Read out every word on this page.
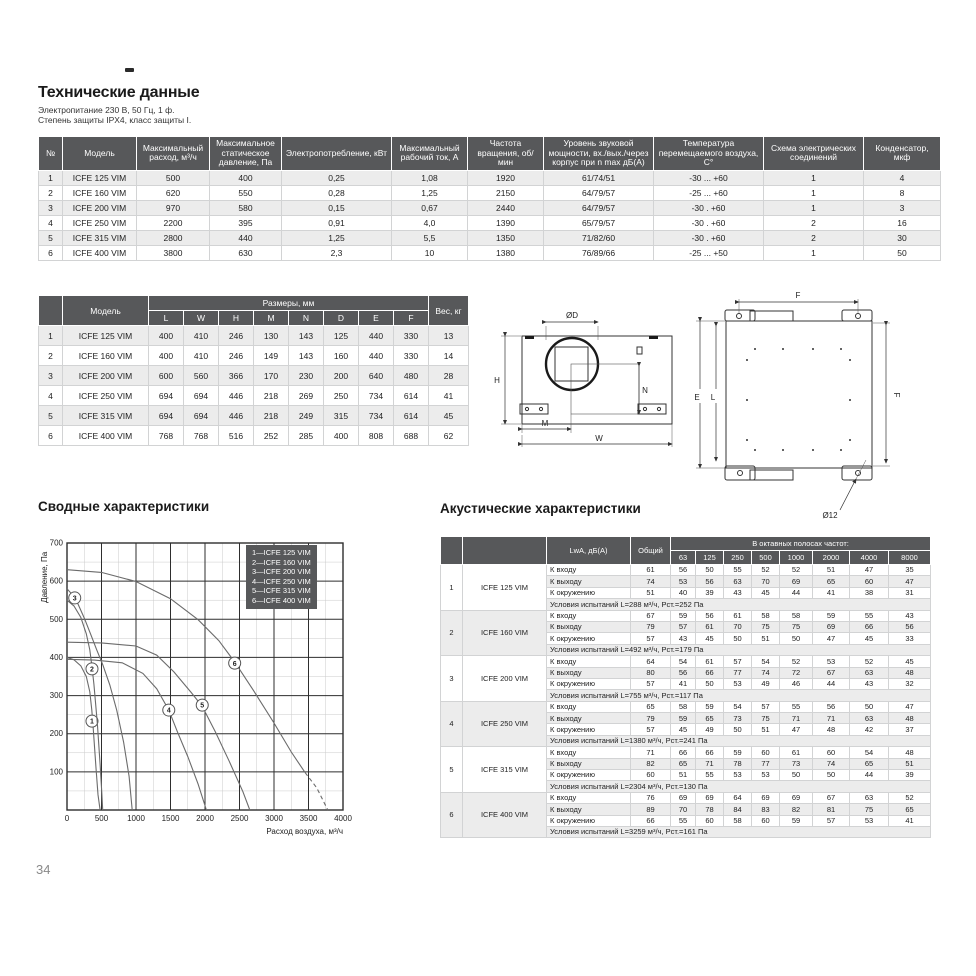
Технические данные
Электропитание 230 В, 50 Гц, 1 ф.
Степень защиты IPX4, класс защиты I.
№	Модель	Максимальный расход, м³/ч	Максимальное статическое давление, Па	Электропотребление, кВт	Максимальный рабочий ток, А	Частота вращения, об/мин	Уровень звуковой мощности, вх./вых./через корпус при n max дБ(А)	Температура перемещаемого воздуха, С°	Схема электрических соединений	Конденсатор, мкф
1	ICFE 125 VIM	500	400	0,25	1,08	1920	61/74/51	-30 ... +60	1	4
2	ICFE 160 VIM	620	550	0,28	1,25	2150	64/79/57	-25 ... +60	1	8
3	ICFE 200 VIM	970	580	0,15	0,67	2440	64/79/57	-30 . +60	1	3
4	ICFE 250 VIM	2200	395	0,91	4,0	1390	65/79/57	-30 . +60	2	16
5	ICFE 315 VIM	2800	440	1,25	5,5	1350	71/82/60	-30 . +60	2	30
6	ICFE 400 VIM	3800	630	2,3	10	1380	76/89/66	-25 ... +50	1	50
	Модель	Размеры, мм								Вес, кг
		L	W	H	M	N	D	E	F	
1	ICFE 125 VIM	400	410	246	130	143	125	440	330	13
2	ICFE 160 VIM	400	410	246	149	143	160	440	330	14
3	ICFE 200 VIM	600	560	366	170	230	200	640	480	28
4	ICFE 250 VIM	694	694	446	218	269	250	734	614	41
5	ICFE 315 VIM	694	694	446	218	249	315	734	614	45
6	ICFE 400 VIM	768	768	516	252	285	400	808	688	62
ØD
H
N
M
W
F
E L	F
Ø12
Сводные характеристики
0	500 1000 1500 2000 2500 3000 3500 4000
100
200
300
400
500
600
700
1
2
3
4
5
6
Давление, Па
Расход воздуха, м³/ч
1—ICFE 125 VIM
2—ICFE 160 VIM
3—ICFE 200 VIM
4—ICFE 250 VIM
5—ICFE 315 VIM
6—ICFE 400 VIM
Акустические характеристики
		LwA, дБ(А)	Общий	В октавных полосах частот:							
				63	125	250	500	1000	2000	4000	8000
1	ICFE 125 VIM	К входу	61	56	50	55	52	52	51	47	35
		К выходу	74	53	56	63	70	69	65	60	47
		К окружению	51	40	39	43	45	44	41	38	31
		Условия испытаний L=288 м³/ч, Рст.=252 Па									
2	ICFE 160 VIM	К входу	67	59	56	61	58	58	59	55	43
		К выходу	79	57	61	70	75	75	69	66	56
		К окружению	57	43	45	50	51	50	47	45	33
		Условия испытаний L=492 м³/ч, Рст.=179 Па									
3	ICFE 200 VIM	К входу	64	54	61	57	54	52	53	52	45
		К выходу	80	56	66	77	74	72	67	63	48
		К окружению	57	41	50	53	49	46	44	43	32
		Условия испытаний L=755 м³/ч, Рст.=117 Па									
4	ICFE 250 VIM	К входу	65	58	59	54	57	55	56	50	47
		К выходу	79	59	65	73	75	71	71	63	48
		К окружению	57	45	49	50	51	47	48	42	37
		Условия испытаний L=1380 м³/ч, Рст.=241 Па									
5	ICFE 315 VIM	К входу	71	66	66	59	60	61	60	54	48
		К выходу	82	65	71	78	77	73	74	65	51
		К окружению	60	51	55	53	53	50	50	44	39
		Условия испытаний L=2304 м³/ч, Рст.=130 Па									
6	ICFE 400 VIM	К входу	76	69	69	64	69	69	67	63	52
		К выходу	89	70	78	84	83	82	81	75	65
		К окружению	66	55	60	58	60	59	57	53	41
		Условия испытаний L=3259 м³/ч, Рст.=161 Па									
34
